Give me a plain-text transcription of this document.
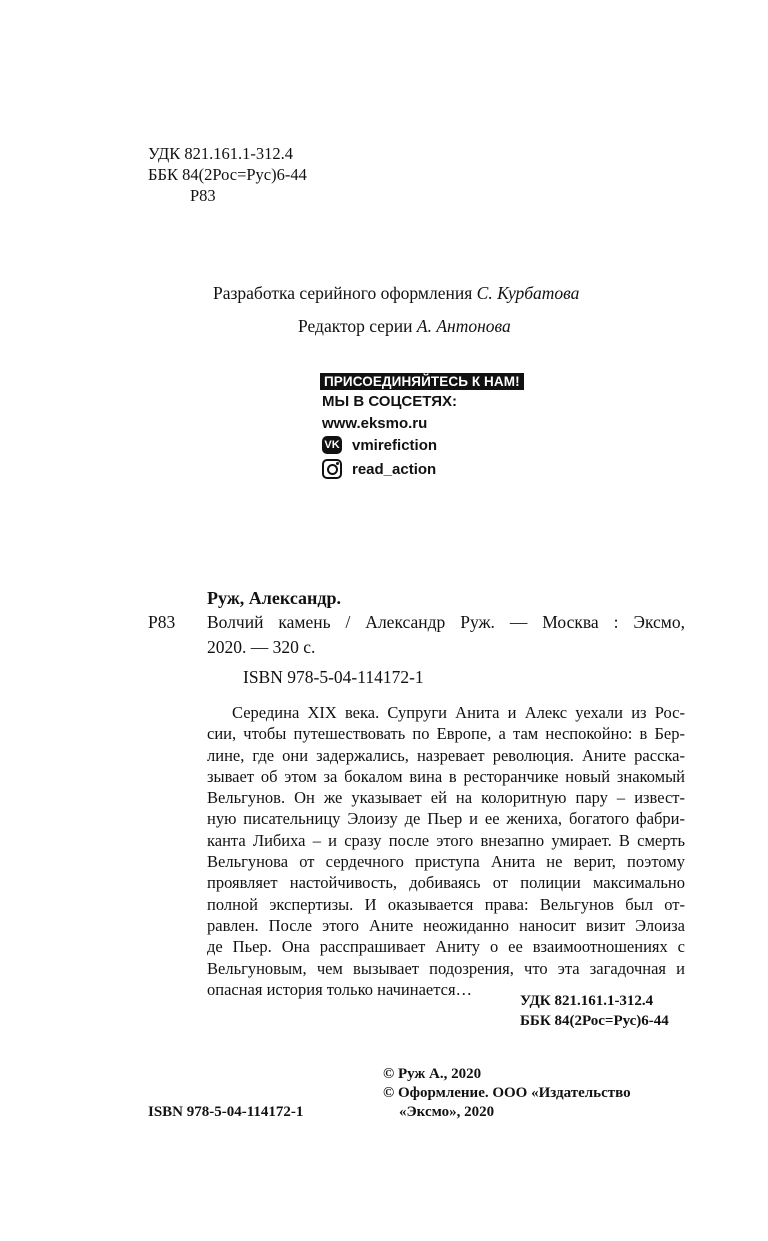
УДК 821.161.1-312.4
ББК 84(2Рос=Рус)6-44
Р83
Разработка серийного оформления С. Курбатова
Редактор серии А. Антонова
ПРИСОЕДИНЯЙТЕСЬ К НАМ!
МЫ В СОЦСЕТЯХ:
www.eksmo.ru
VK vmirefiction
read_action
Руж, Александр.
Р83 Волчий камень / Александр Руж. — Москва : Эксмо,
2020. — 320 с.
ISBN 978-5-04-114172-1
Середина XIX века. Супруги Анита и Алекс уехали из Рос-
сии, чтобы путешествовать по Европе, а там неспокойно: в Бер-
лине, где они задержались, назревает революция. Аните расска-
зывает об этом за бокалом вина в ресторанчике новый знакомый
Вельгунов. Он же указывает ей на колоритную пару – извест-
ную писательницу Элоизу де Пьер и ее жениха, богатого фабри-
канта Либиха – и сразу после этого внезапно умирает. В смерть
Вельгунова от сердечного приступа Анита не верит, поэтому
проявляет настойчивость, добиваясь от полиции максимально
полной экспертизы. И оказывается права: Вельгунов был от-
равлен. После этого Аните неожиданно наносит визит Элоиза
де Пьер. Она расспрашивает Аниту о ее взаимоотношениях с
Вельгуновым, чем вызывает подозрения, что эта загадочная и
опасная история только начинается…
УДК 821.161.1-312.4
ББК 84(2Рос=Рус)6-44
© Руж А., 2020
© Оформление. ООО «Издательство
«Эксмо», 2020
ISBN 978-5-04-114172-1
